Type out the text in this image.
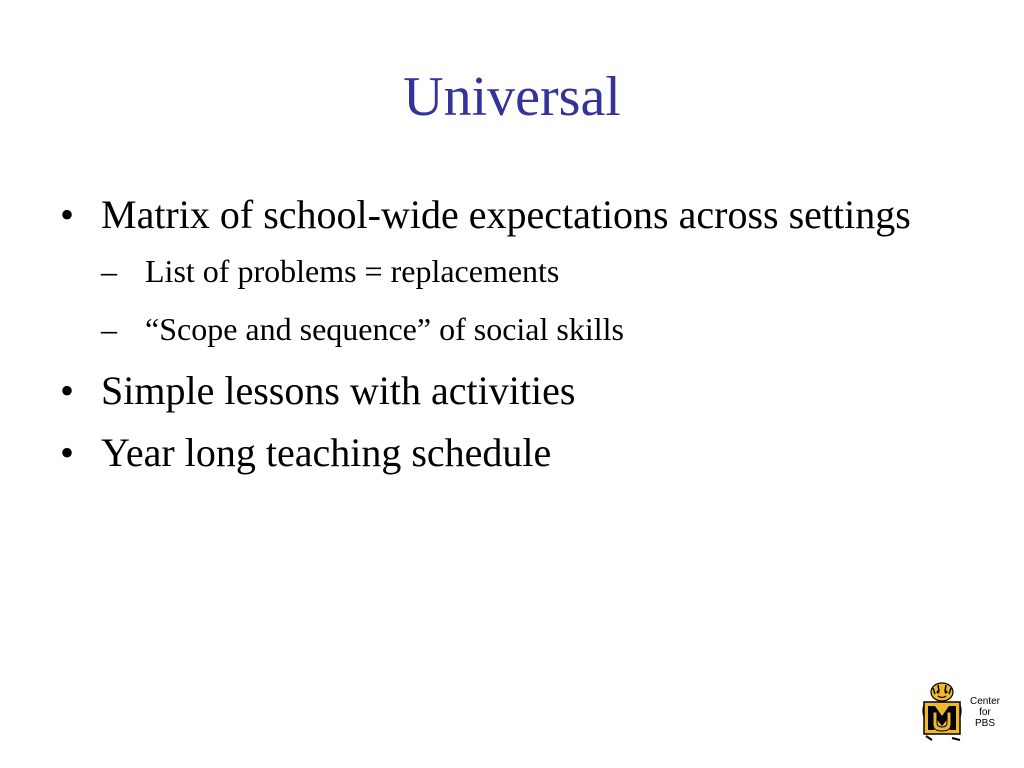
Universal
• Matrix of school-wide expectations across settings
– List of problems = replacements
– “Scope and sequence” of social skills
• Simple lessons with activities
• Year long teaching schedule
Center
for
PBS
